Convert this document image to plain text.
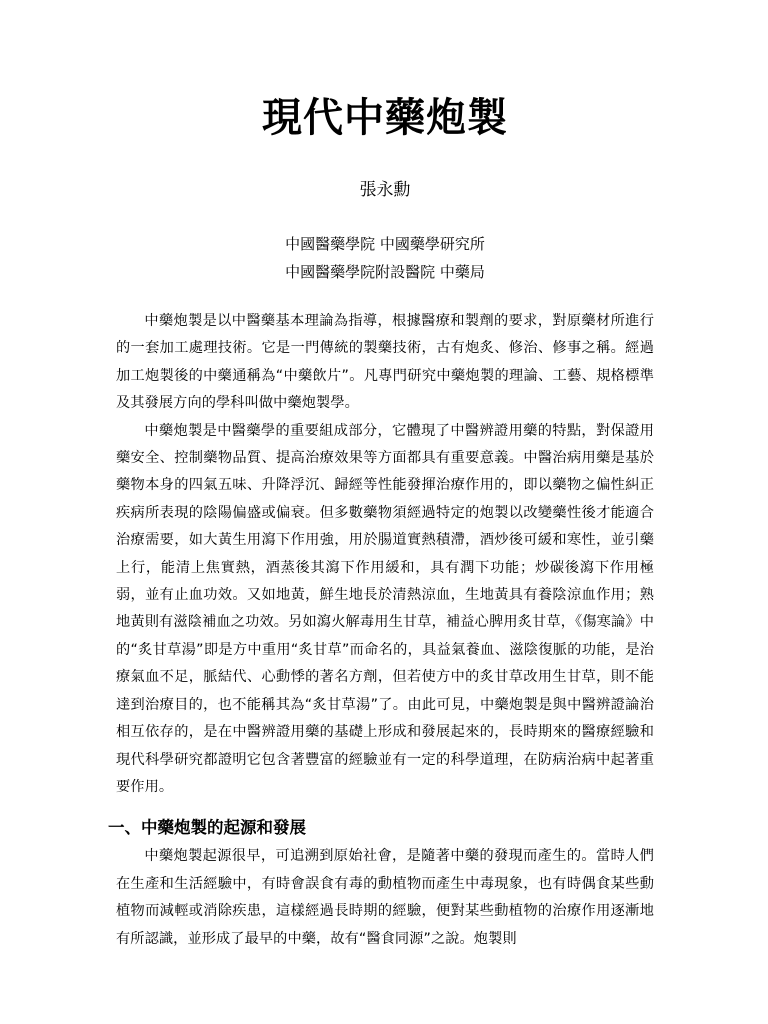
現代中藥炮製
張永勳
中國醫藥學院 中國藥學研究所
中國醫藥學院附設醫院 中藥局

中藥炮製是以中醫藥基本理論為指導，根據醫療和製劑的要求，對原藥材所進行的一套加工處理技術。它是一門傳統的製藥技術，古有炮炙、修治、修事之稱。經過加工炮製後的中藥通稱為“中藥飲片”。凡專門研究中藥炮製的理論、工藝、規格標準及其發展方向的學科叫做中藥炮製學。

中藥炮製是中醫藥學的重要組成部分，它體現了中醫辨證用藥的特點，對保證用藥安全、控制藥物品質、提高治療效果等方面都具有重要意義。中醫治病用藥是基於藥物本身的四氣五味、升降浮沉、歸經等性能發揮治療作用的，即以藥物之偏性糾正疾病所表現的陰陽偏盛或偏衰。但多數藥物須經過特定的炮製以改變藥性後才能適合治療需要，如大黃生用瀉下作用強，用於腸道實熱積滯，酒炒後可緩和寒性，並引藥上行，能清上焦實熱，酒蒸後其瀉下作用緩和，具有潤下功能；炒碳後瀉下作用極弱，並有止血功效。又如地黃，鮮生地長於清熱涼血，生地黃具有養陰涼血作用；熟地黃則有滋陰補血之功效。另如瀉火解毒用生甘草，補益心脾用炙甘草，《傷寒論》中的“炙甘草湯”即是方中重用“炙甘草”而命名的，具益氣養血、滋陰復脈的功能，是治療氣血不足，脈結代、心動悸的著名方劑，但若使方中的炙甘草改用生甘草，則不能達到治療目的，也不能稱其為“炙甘草湯”了。由此可見，中藥炮製是與中醫辨證論治相互依存的，是在中醫辨證用藥的基礎上形成和發展起來的，長時期來的醫療經驗和現代科學研究都證明它包含著豐富的經驗並有一定的科學道理，在防病治病中起著重要作用。

一、中藥炮製的起源和發展

中藥炮製起源很早，可追溯到原始社會，是隨著中藥的發現而產生的。當時人們在生產和生活經驗中，有時會誤食有毒的動植物而產生中毒現象，也有時偶食某些動植物而減輕或消除疾患，這樣經過長時期的經驗，便對某些動植物的治療作用逐漸地有所認識，並形成了最早的中藥，故有“醫食同源”之說。炮製則
